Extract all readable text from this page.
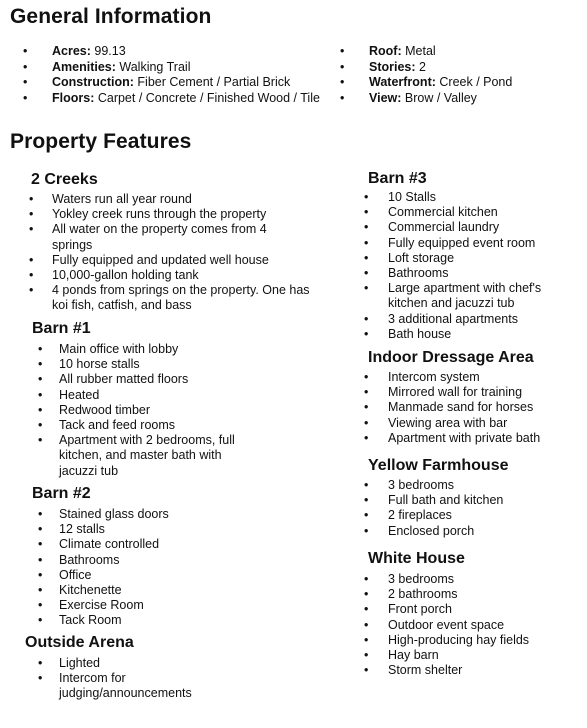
General Information
• Acres: 99.13
• Amenities: Walking Trail
• Construction: Fiber Cement / Partial Brick
• Floors: Carpet / Concrete / Finished Wood / Tile
• Roof: Metal
• Stories: 2
• Waterfront: Creek / Pond
• View: Brow / Valley
Property Features
2 Creeks
• Waters run all year round
• Yokley creek runs through the property
• All water on the property comes from 4 springs
• Fully equipped and updated well house
• 10,000-gallon holding tank
• 4 ponds from springs on the property. One has koi fish, catfish, and bass
Barn #1
• Main office with lobby
• 10 horse stalls
• All rubber matted floors
• Heated
• Redwood timber
• Tack and feed rooms
• Apartment with 2 bedrooms, full kitchen, and master bath with jacuzzi tub
Barn #2
• Stained glass doors
• 12 stalls
• Climate controlled
• Bathrooms
• Office
• Kitchenette
• Exercise Room
• Tack Room
Outside Arena
• Lighted
• Intercom for judging/announcements
Barn #3
• 10 Stalls
• Commercial kitchen
• Commercial laundry
• Fully equipped event room
• Loft storage
• Bathrooms
• Large apartment with chef's kitchen and jacuzzi tub
• 3 additional apartments
• Bath house
Indoor Dressage Area
• Intercom system
• Mirrored wall for training
• Manmade sand for horses
• Viewing area with bar
• Apartment with private bath
Yellow Farmhouse
• 3 bedrooms
• Full bath and kitchen
• 2 fireplaces
• Enclosed porch
White House
• 3 bedrooms
• 2 bathrooms
• Front porch
• Outdoor event space
• High-producing hay fields
• Hay barn
• Storm shelter
